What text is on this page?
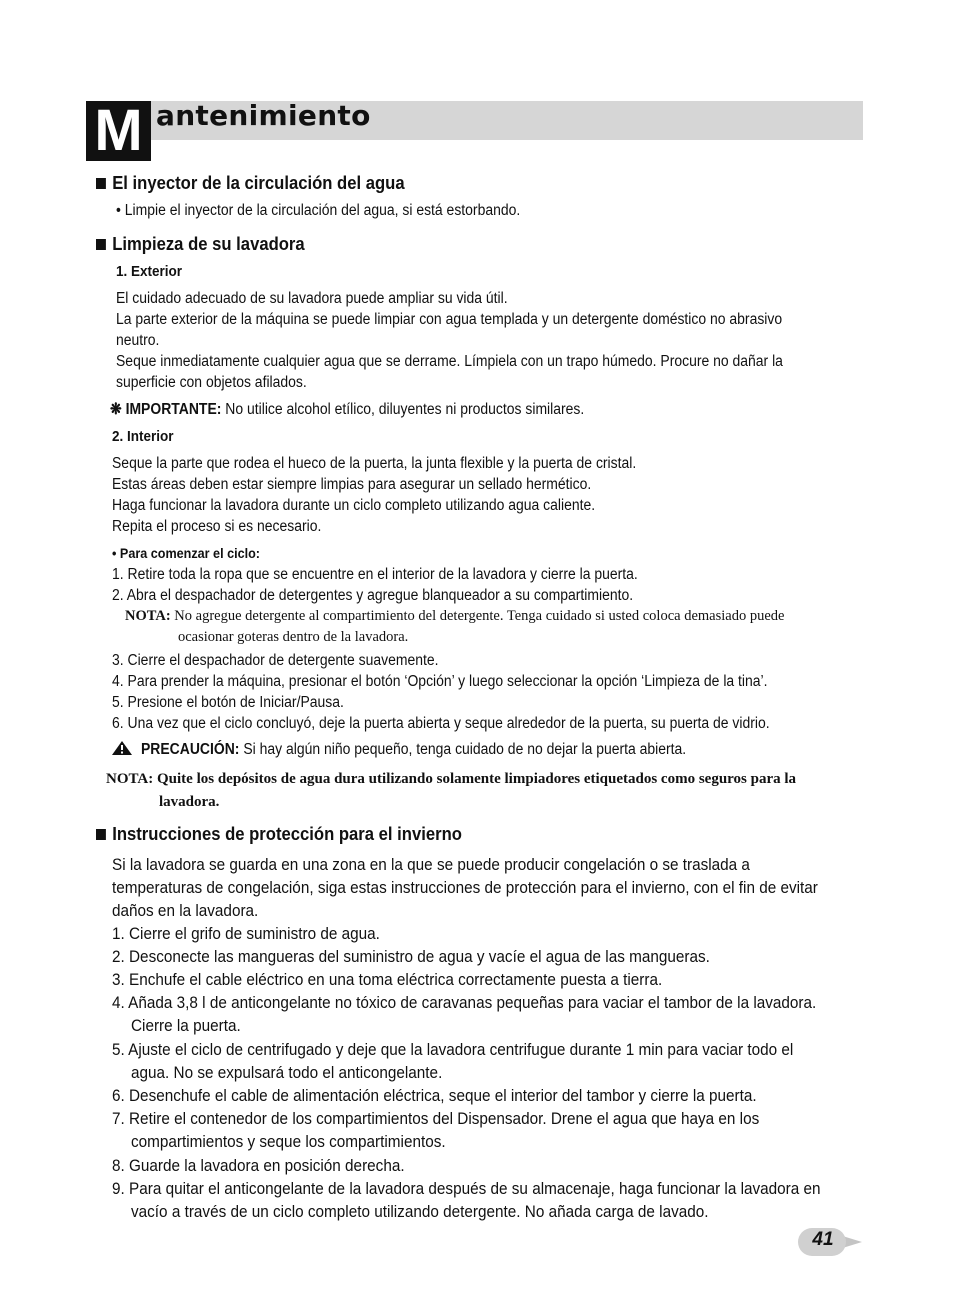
M antenimiento
El inyector de la circulación del agua
• Limpie el inyector de la circulación del agua, si está estorbando.
Limpieza de su lavadora
1. Exterior
El cuidado adecuado de su lavadora puede ampliar su vida útil.
La parte exterior de la máquina se puede limpiar con agua templada y un detergente doméstico no abrasivo
neutro.
Seque inmediatamente cualquier agua que se derrame. Límpiela con un trapo húmedo. Procure no dañar la
superficie con objetos afilados.
❋ IMPORTANTE: No utilice alcohol etílico, diluyentes ni productos similares.
2. Interior
Seque la parte que rodea el hueco de la puerta, la junta flexible y la puerta de cristal.
Estas áreas deben estar siempre limpias para asegurar un sellado hermético.
Haga funcionar la lavadora durante un ciclo completo utilizando agua caliente.
Repita el proceso si es necesario.
• Para comenzar el ciclo:
1. Retire toda la ropa que se encuentre en el interior de la lavadora y cierre la puerta.
2. Abra el despachador de detergentes y agregue blanqueador a su compartimiento.
NOTA: No agregue detergente al compartimiento del detergente. Tenga cuidado si usted coloca demasiado puede
ocasionar goteras dentro de la lavadora.
3. Cierre el despachador de detergente suavemente.
4. Para prender la máquina, presionar el botón ‘Opción’ y luego seleccionar la opción ‘Limpieza de la tina’.
5. Presione el botón de Iniciar/Pausa.
6. Una vez que el ciclo concluyó, deje la puerta abierta y seque alrededor de la puerta, su puerta de vidrio.
PRECAUCIÓN: Si hay algún niño pequeño, tenga cuidado de no dejar la puerta abierta.
NOTA: Quite los depósitos de agua dura utilizando solamente limpiadores etiquetados como seguros para la
lavadora.
Instrucciones de protección para el invierno
Si la lavadora se guarda en una zona en la que se puede producir congelación o se traslada a
temperaturas de congelación, siga estas instrucciones de protección para el invierno, con el fin de evitar
daños en la lavadora.
1. Cierre el grifo de suministro de agua.
2. Desconecte las mangueras del suministro de agua y vacíe el agua de las mangueras.
3. Enchufe el cable eléctrico en una toma eléctrica correctamente puesta a tierra.
4. Añada 3,8 l de anticongelante no tóxico de caravanas pequeñas para vaciar el tambor de la lavadora.
Cierre la puerta.
5. Ajuste el ciclo de centrifugado y deje que la lavadora centrifugue durante 1 min para vaciar todo el
agua. No se expulsará todo el anticongelante.
6. Desenchufe el cable de alimentación eléctrica, seque el interior del tambor y cierre la puerta.
7. Retire el contenedor de los compartimientos del Dispensador. Drene el agua que haya en los
compartimientos y seque los compartimientos.
8. Guarde la lavadora en posición derecha.
9. Para quitar el anticongelante de la lavadora después de su almacenaje, haga funcionar la lavadora en
vacío a través de un ciclo completo utilizando detergente. No añada carga de lavado.
41
